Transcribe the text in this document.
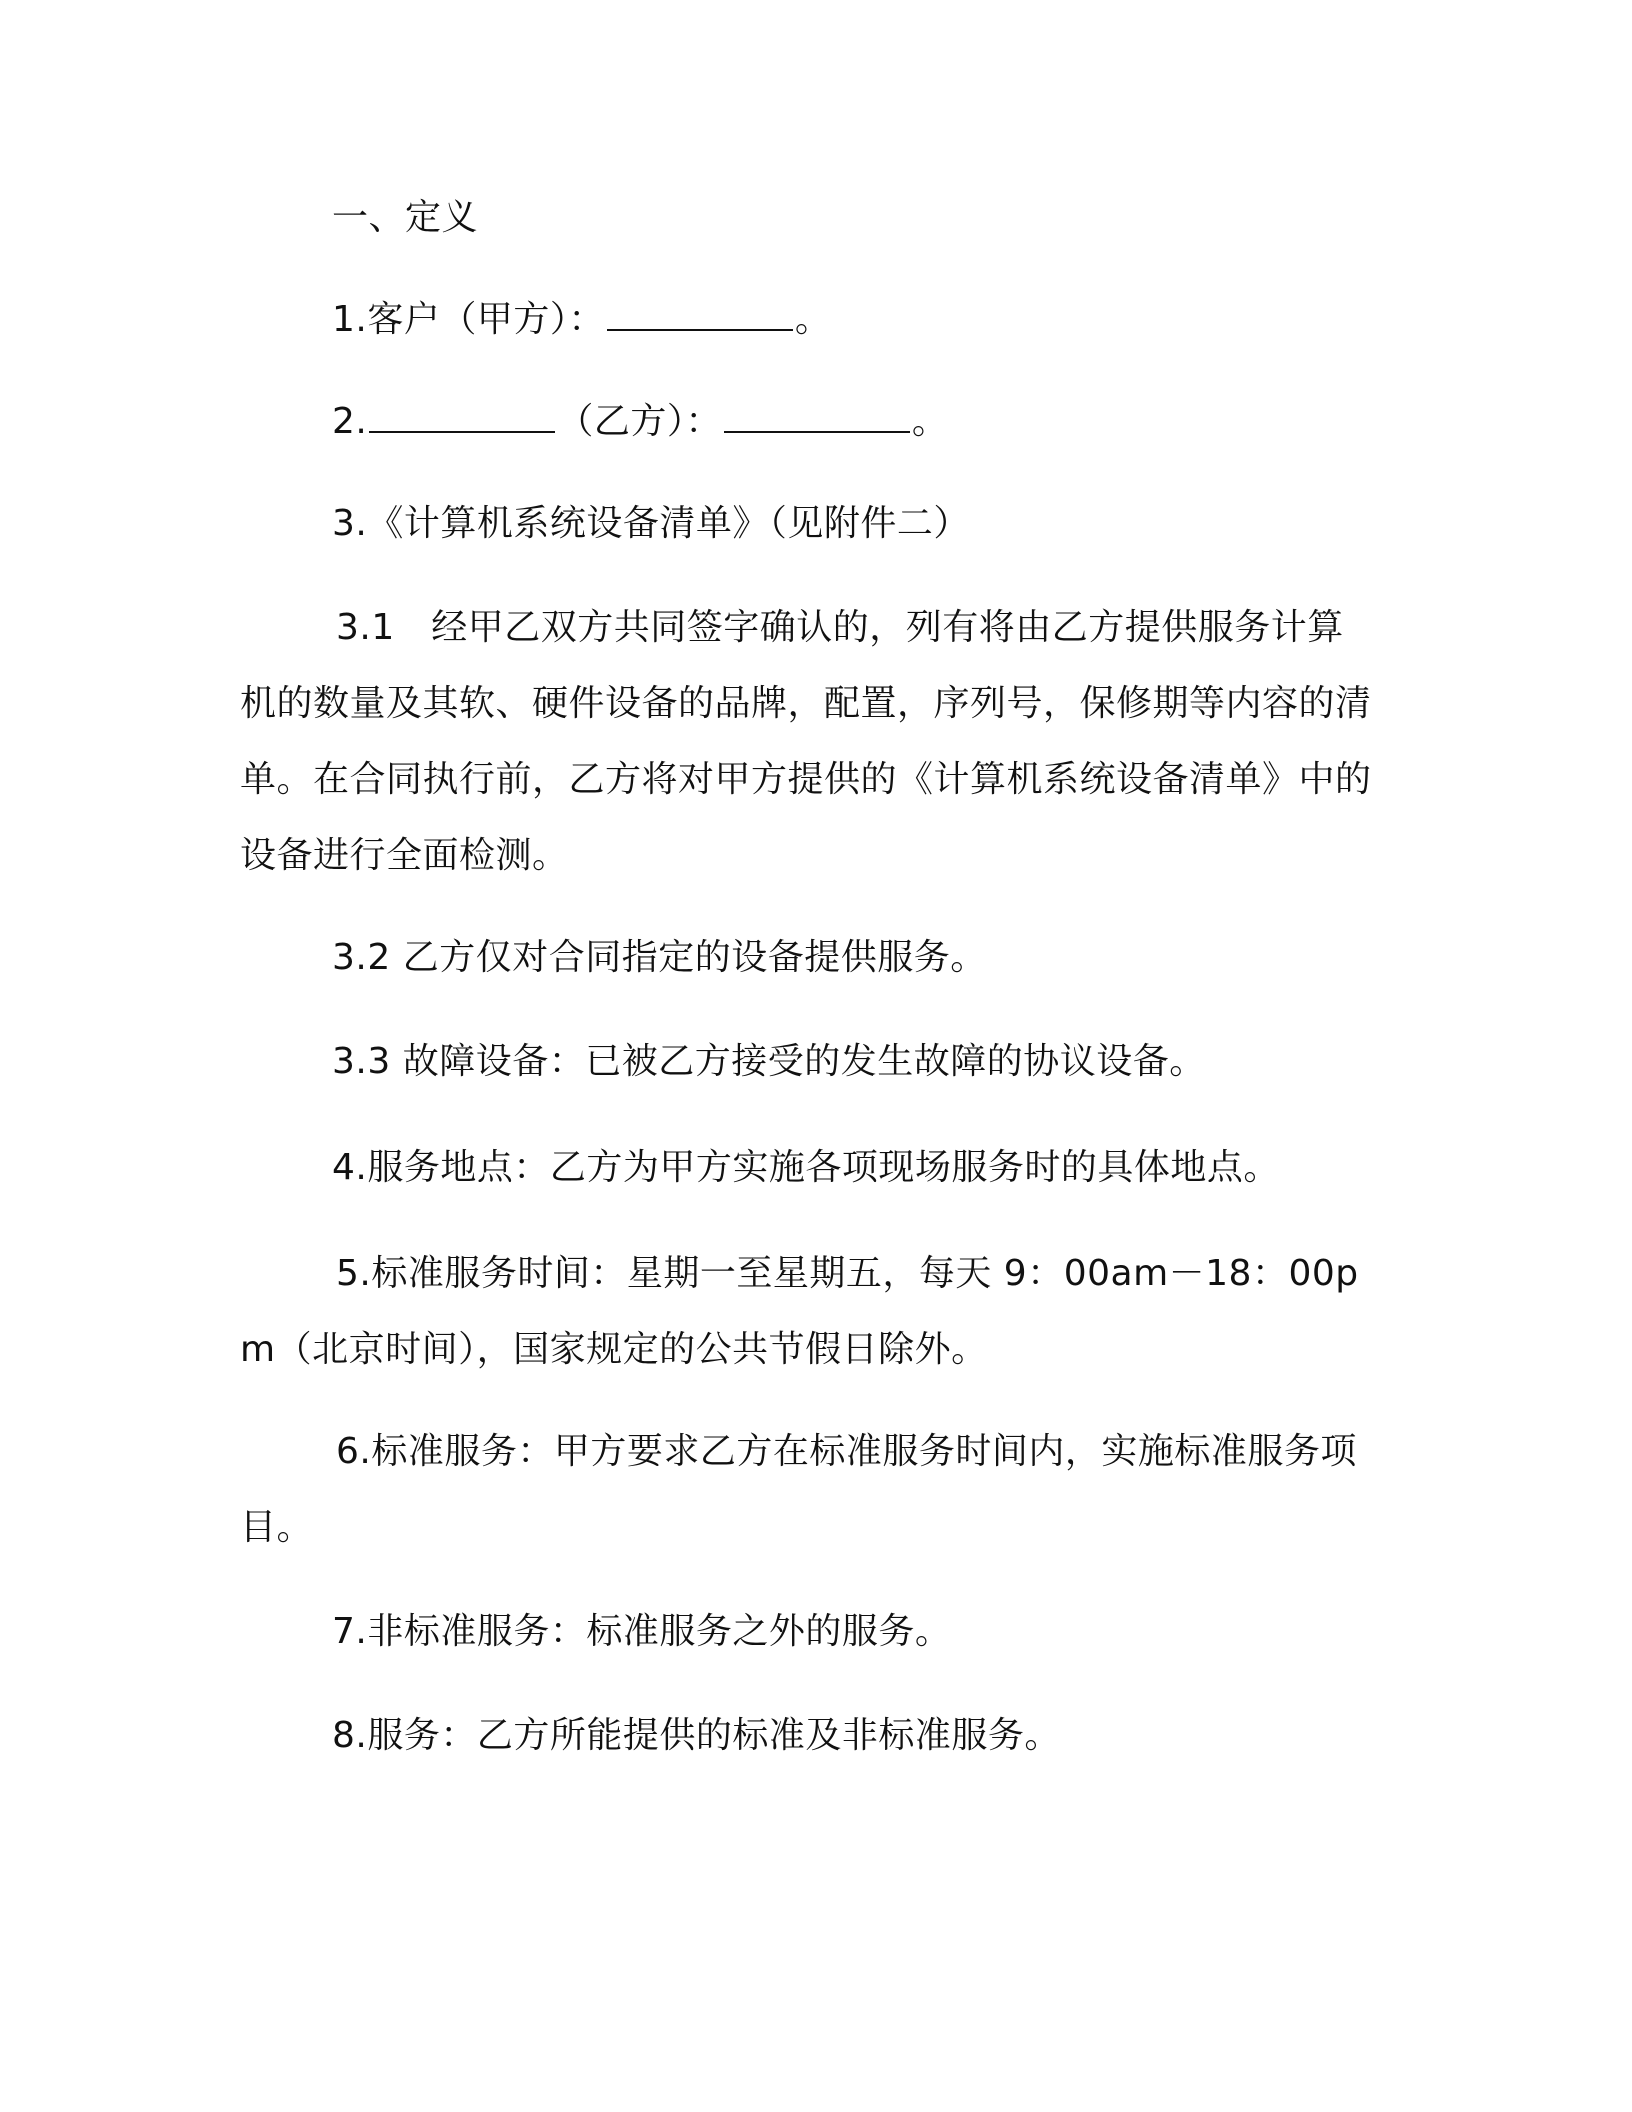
一、定义
1.客户（甲方）：	。
2.	（乙方）：	。
3.《计算机系统设备清单》（见附件二）
3.1　经甲乙双方共同签字确认的，列有将由乙方提供服务计算机的数量及其软、硬件设备的品牌，配置，序列号，保修期等内容的清单。在合同执行前，乙方将对甲方提供的《计算机系统设备清单》中的设备进行全面检测。
3.2 乙方仅对合同指定的设备提供服务。
3.3 故障设备：已被乙方接受的发生故障的协议设备。
4.服务地点：乙方为甲方实施各项现场服务时的具体地点。
5.标准服务时间：星期一至星期五，每天 9：00am－18：00pm（北京时间），国家规定的公共节假日除外。
6.标准服务：甲方要求乙方在标准服务时间内，实施标准服务项目。
7.非标准服务：标准服务之外的服务。
8.服务：乙方所能提供的标准及非标准服务。
